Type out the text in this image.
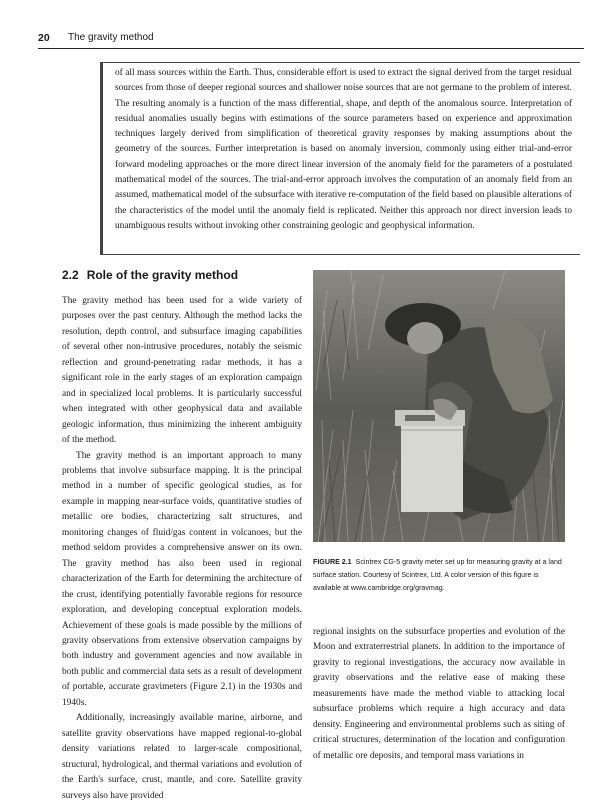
20 The gravity method
of all mass sources within the Earth. Thus, considerable effort is used to extract the signal derived from the target residual sources from those of deeper regional sources and shallower noise sources that are not germane to the problem of interest. The resulting anomaly is a function of the mass differential, shape, and depth of the anomalous source. Interpretation of residual anomalies usually begins with estimations of the source parameters based on experience and approximation techniques largely derived from simplification of theoretical gravity responses by making assumptions about the geometry of the sources. Further interpretation is based on anomaly inversion, commonly using either trial-and-error forward modeling approaches or the more direct linear inversion of the anomaly field for the parameters of a postulated mathematical model of the sources. The trial-and-error approach involves the computation of an anomaly field from an assumed, mathematical model of the subsurface with iterative re-computation of the field based on plausible alterations of the characteristics of the model until the anomaly field is replicated. Neither this approach nor direct inversion leads to unambiguous results without invoking other constraining geologic and geophysical information.
2.2 Role of the gravity method

The gravity method has been used for a wide variety of purposes over the past century. Although the method lacks the resolution, depth control, and subsurface imaging capabilities of several other non-intrusive procedures, notably the seismic reflection and ground-penetrating radar methods, it has a significant role in the early stages of an exploration campaign and in specialized local problems. It is particularly successful when integrated with other geophysical data and available geologic information, thus minimizing the inherent ambiguity of the method.

The gravity method is an important approach to many problems that involve subsurface mapping. It is the principal method in a number of specific geological studies, as for example in mapping near-surface voids, quantitative studies of metallic ore bodies, characterizing salt structures, and monitoring changes of fluid/gas content in volcanoes, but the method seldom provides a comprehensive answer on its own. The gravity method has also been used in regional characterization of the Earth for determining the architecture of the crust, identifying potentially favorable regions for resource exploration, and developing conceptual exploration models. Achievement of these goals is made possible by the millions of gravity observations from extensive observation campaigns by both industry and government agencies and now available in both public and commercial data sets as a result of development of portable, accurate gravimeters (Figure 2.1) in the 1930s and 1940s.

Additionally, increasingly available marine, airborne, and satellite gravity observations have mapped regional-to-global density variations related to larger-scale compositional, structural, hydrological, and thermal variations and evolution of the Earth's surface, crust, mantle, and core. Satellite gravity surveys also have provided

FIGURE 2.1 Scintrex CG-5 gravity meter set up for measuring gravity at a land surface station. Courtesy of Scintrex, Ltd. A color version of this figure is available at www.cambridge.org/gravmag.

regional insights on the subsurface properties and evolution of the Moon and extraterrestrial planets. In addition to the importance of gravity to regional investigations, the accuracy now available in gravity observations and the relative ease of making these measurements have made the method viable to attacking local subsurface problems which require a high accuracy and data density. Engineering and environmental problems such as siting of critical structures, determination of the location and configuration of metallic ore deposits, and temporal mass variations in
